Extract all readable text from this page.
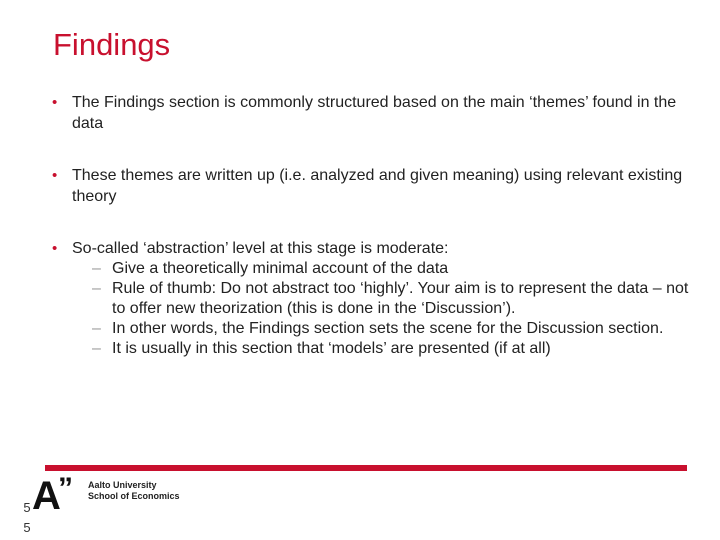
Findings
• The Findings section is commonly structured based on the main ‘themes’ found in the data
• These themes are written up (i.e. analyzed and given meaning) using relevant existing theory
• So-called ‘abstraction’ level at this stage is moderate:
– Give a theoretically minimal account of the data
– Rule of thumb: Do not abstract too ‘highly’. Your aim is to represent the data – not to offer new theorization (this is done in the ‘Discussion’).
– In other words, the Findings section sets the scene for the Discussion section.
– It is usually in this section that ‘models’ are presented (if at all)
A
” Aalto University
School of Economics
5
5
